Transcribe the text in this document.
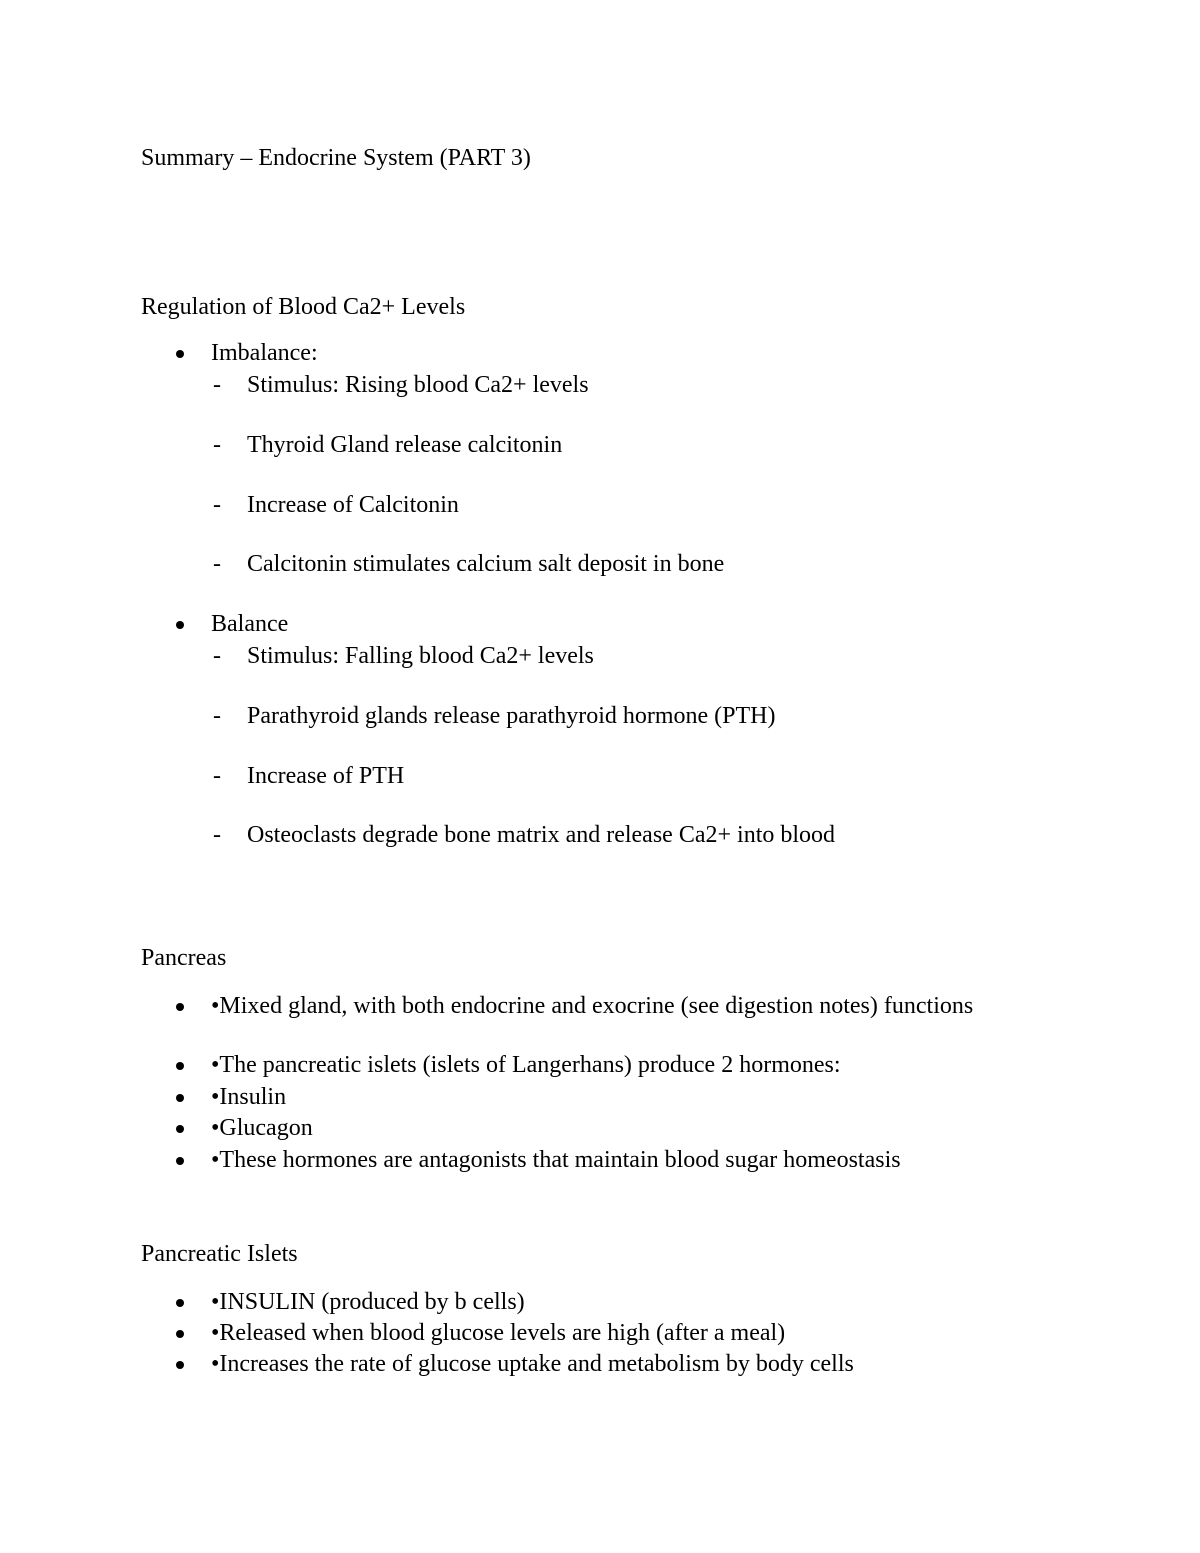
Summary – Endocrine System (PART 3)
Regulation of Blood Ca2+ Levels
Imbalance:
- Stimulus: Rising blood Ca2+ levels
- Thyroid Gland release calcitonin
- Increase of Calcitonin
- Calcitonin stimulates calcium salt deposit in bone
Balance
- Stimulus: Falling blood Ca2+ levels
- Parathyroid glands release parathyroid hormone (PTH)
- Increase of PTH
- Osteoclasts degrade bone matrix and release Ca2+ into blood
Pancreas
•Mixed gland, with both endocrine and exocrine (see digestion notes) functions
•The pancreatic islets (islets of Langerhans) produce 2 hormones:
•Insulin
•Glucagon
•These hormones are antagonists that maintain blood sugar homeostasis
Pancreatic Islets
•INSULIN (produced by b cells)
•Released when blood glucose levels are high (after a meal)
•Increases the rate of glucose uptake and metabolism by body cells
